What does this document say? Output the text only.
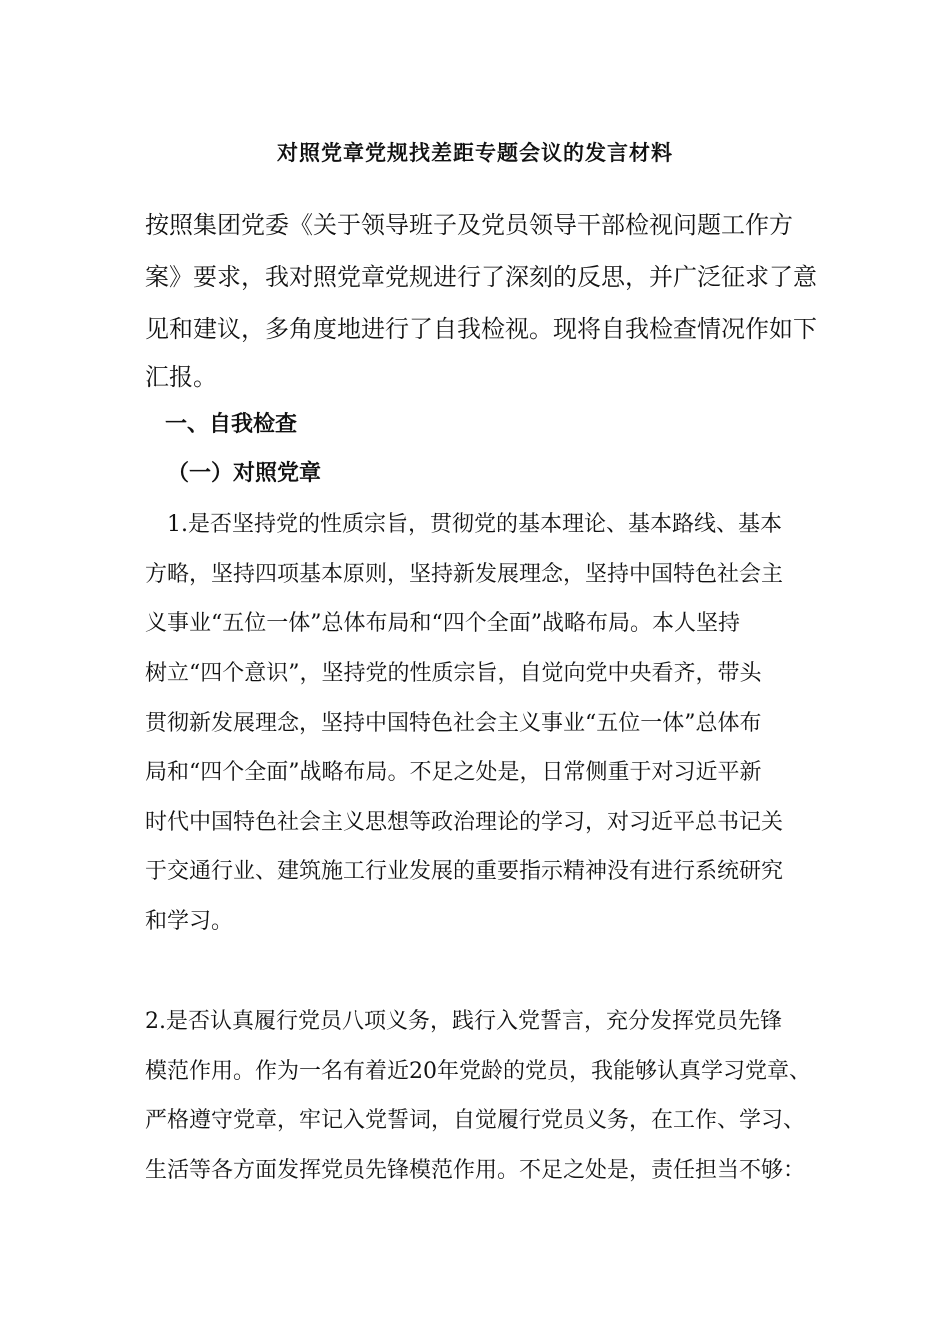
对照党章党规找差距专题会议的发言材料

按照集团党委《关于领导班子及党员领导干部检视问题工作方

案》要求，我对照党章党规进行了深刻的反思，并广泛征求了意

见和建议，多角度地进行了自我检视。现将自我检查情况作如下

汇报。

一、自我检查

（一）对照党章

1.是否坚持党的性质宗旨，贯彻党的基本理论、基本路线、基本

方略，坚持四项基本原则，坚持新发展理念，坚持中国特色社会主

义事业“五位一体”总体布局和“四个全面”战略布局。本人坚持

树立“四个意识”，坚持党的性质宗旨，自觉向党中央看齐，带头

贯彻新发展理念，坚持中国特色社会主义事业“五位一体”总体布

局和“四个全面”战略布局。不足之处是，日常侧重于对习近平新

时代中国特色社会主义思想等政治理论的学习，对习近平总书记关

于交通行业、建筑施工行业发展的重要指示精神没有进行系统研究

和学习。

2.是否认真履行党员八项义务，践行入党誓言，充分发挥党员先锋

模范作用。作为一名有着近20年党龄的党员，我能够认真学习党章、

严格遵守党章，牢记入党誓词，自觉履行党员义务，在工作、学习、

生活等各方面发挥党员先锋模范作用。不足之处是，责任担当不够：
